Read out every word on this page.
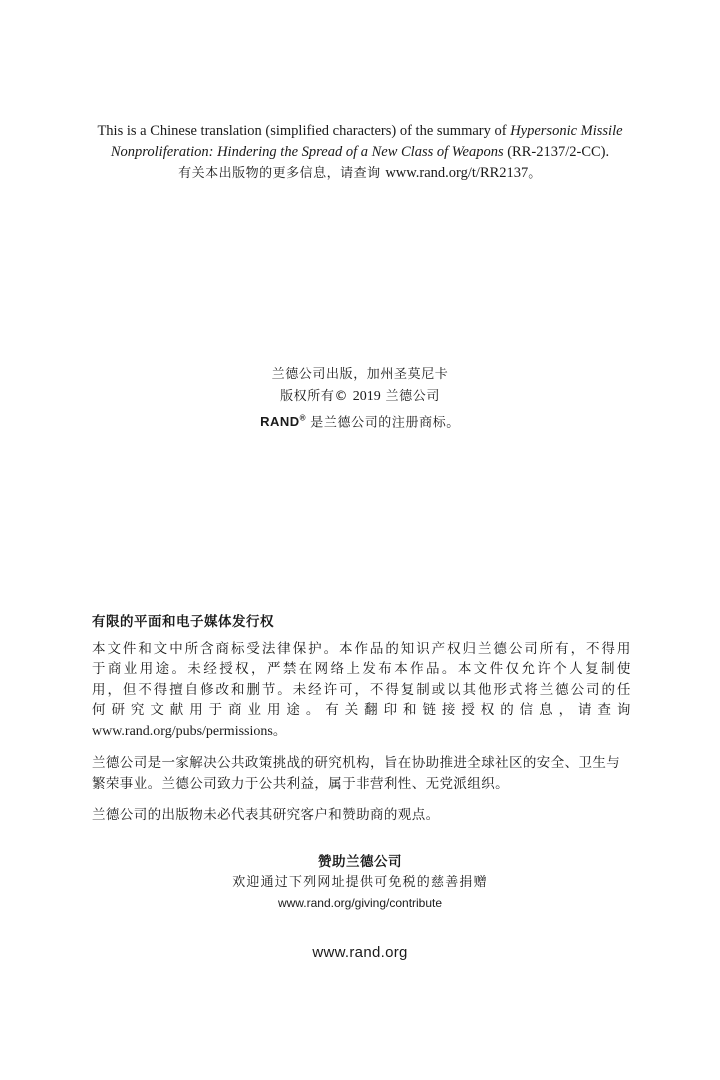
This is a Chinese translation (simplified characters) of the summary of Hypersonic Missile
Nonproliferation: Hindering the Spread of a New Class of Weapons (RR-2137/2-CC).
有关本出版物的更多信息，请查询 www.rand.org/t/RR2137。
兰德公司出版，加州圣莫尼卡
版权所有© 2019 兰德公司
RAND® 是兰德公司的注册商标。
有限的平面和电子媒体发行权

本文件和文中所含商标受法律保护。本作品的知识产权归兰德公司所有，不得用于商业用途。未经授权，严禁在网络上发布本作品。本文件仅允许个人复制使用，但不得擅自修改和删节。未经许可，不得复制或以其他形式将兰德公司的任何研究文献用于商业用途。有关翻印和链接授权的信息，请查询www.rand.org/pubs/permissions。

兰德公司是一家解决公共政策挑战的研究机构，旨在协助推进全球社区的安全、卫生与繁荣事业。兰德公司致力于公共利益，属于非营利性、无党派组织。

兰德公司的出版物未必代表其研究客户和赞助商的观点。

赞助兰德公司
欢迎通过下列网址提供可免税的慈善捐赠
www.rand.org/giving/contribute
www.rand.org
